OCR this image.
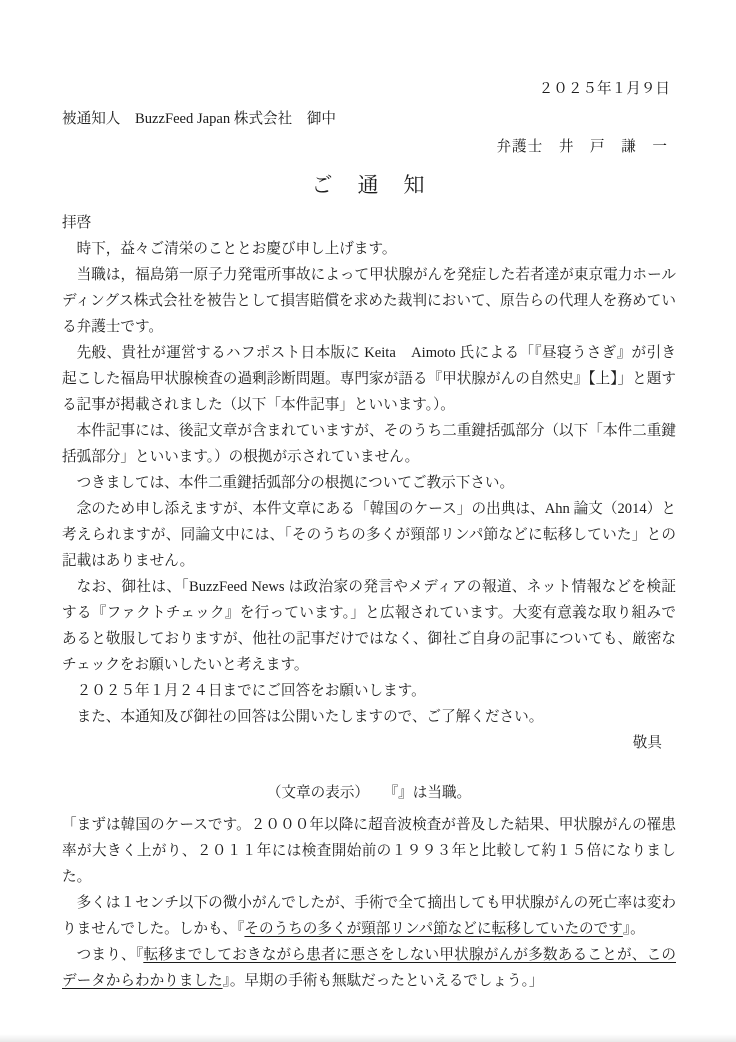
２０２５年１月９日
被通知人　BuzzFeed Japan 株式会社　御中
弁護士　井　戸　謙　一
ご　通　知
拝啓

時下，益々ご清栄のこととお慶び申し上げます。

当職は，福島第一原子力発電所事故によって甲状腺がんを発症した若者達が東京電力ホールディングス株式会社を被告として損害賠償を求めた裁判において、原告らの代理人を務めている弁護士です。

先般、貴社が運営するハフポスト日本版に Keita　Aimoto 氏による「『昼寝うさぎ』が引き起こした福島甲状腺検査の過剰診断問題。専門家が語る『甲状腺がんの自然史』【上】」と題する記事が掲載されました（以下「本件記事」といいます。）。

本件記事には、後記文章が含まれていますが、そのうち二重鍵括弧部分（以下「本件二重鍵括弧部分」といいます。）の根拠が示されていません。

つきましては、本件二重鍵括弧部分の根拠についてご教示下さい。

念のため申し添えますが、本件文章にある「韓国のケース」の出典は、Ahn 論文（2014）と考えられますが、同論文中には、「そのうちの多くが頸部リンパ節などに転移していた」との記載はありません。

なお、御社は、「BuzzFeed News は政治家の発言やメディアの報道、ネット情報などを検証する『ファクトチェック』を行っています。」と広報されています。大変有意義な取り組みであると敬服しておりますが、他社の記事だけではなく、御社ご自身の記事についても、厳密なチェックをお願いしたいと考えます。

２０２５年１月２４日までにご回答をお願いします。

また、本通知及び御社の回答は公開いたしますので、ご了解ください。

敬具
（文章の表示）　　『』は当職。

「まずは韓国のケースです。２０００年以降に超音波検査が普及した結果、甲状腺がんの罹患率が大きく上がり、２０１１年には検査開始前の１９９３年と比較して約１５倍になりました。

多くは１センチ以下の微小がんでしたが、手術で全て摘出しても甲状腺がんの死亡率は変わりませんでした。しかも、『そのうちの多くが頸部リンパ節などに転移していたのです』。

つまり、『転移までしておきながら患者に悪さをしない甲状腺がんが多数あることが、このデータからわかりました』。早期の手術も無駄だったといえるでしょう。」
